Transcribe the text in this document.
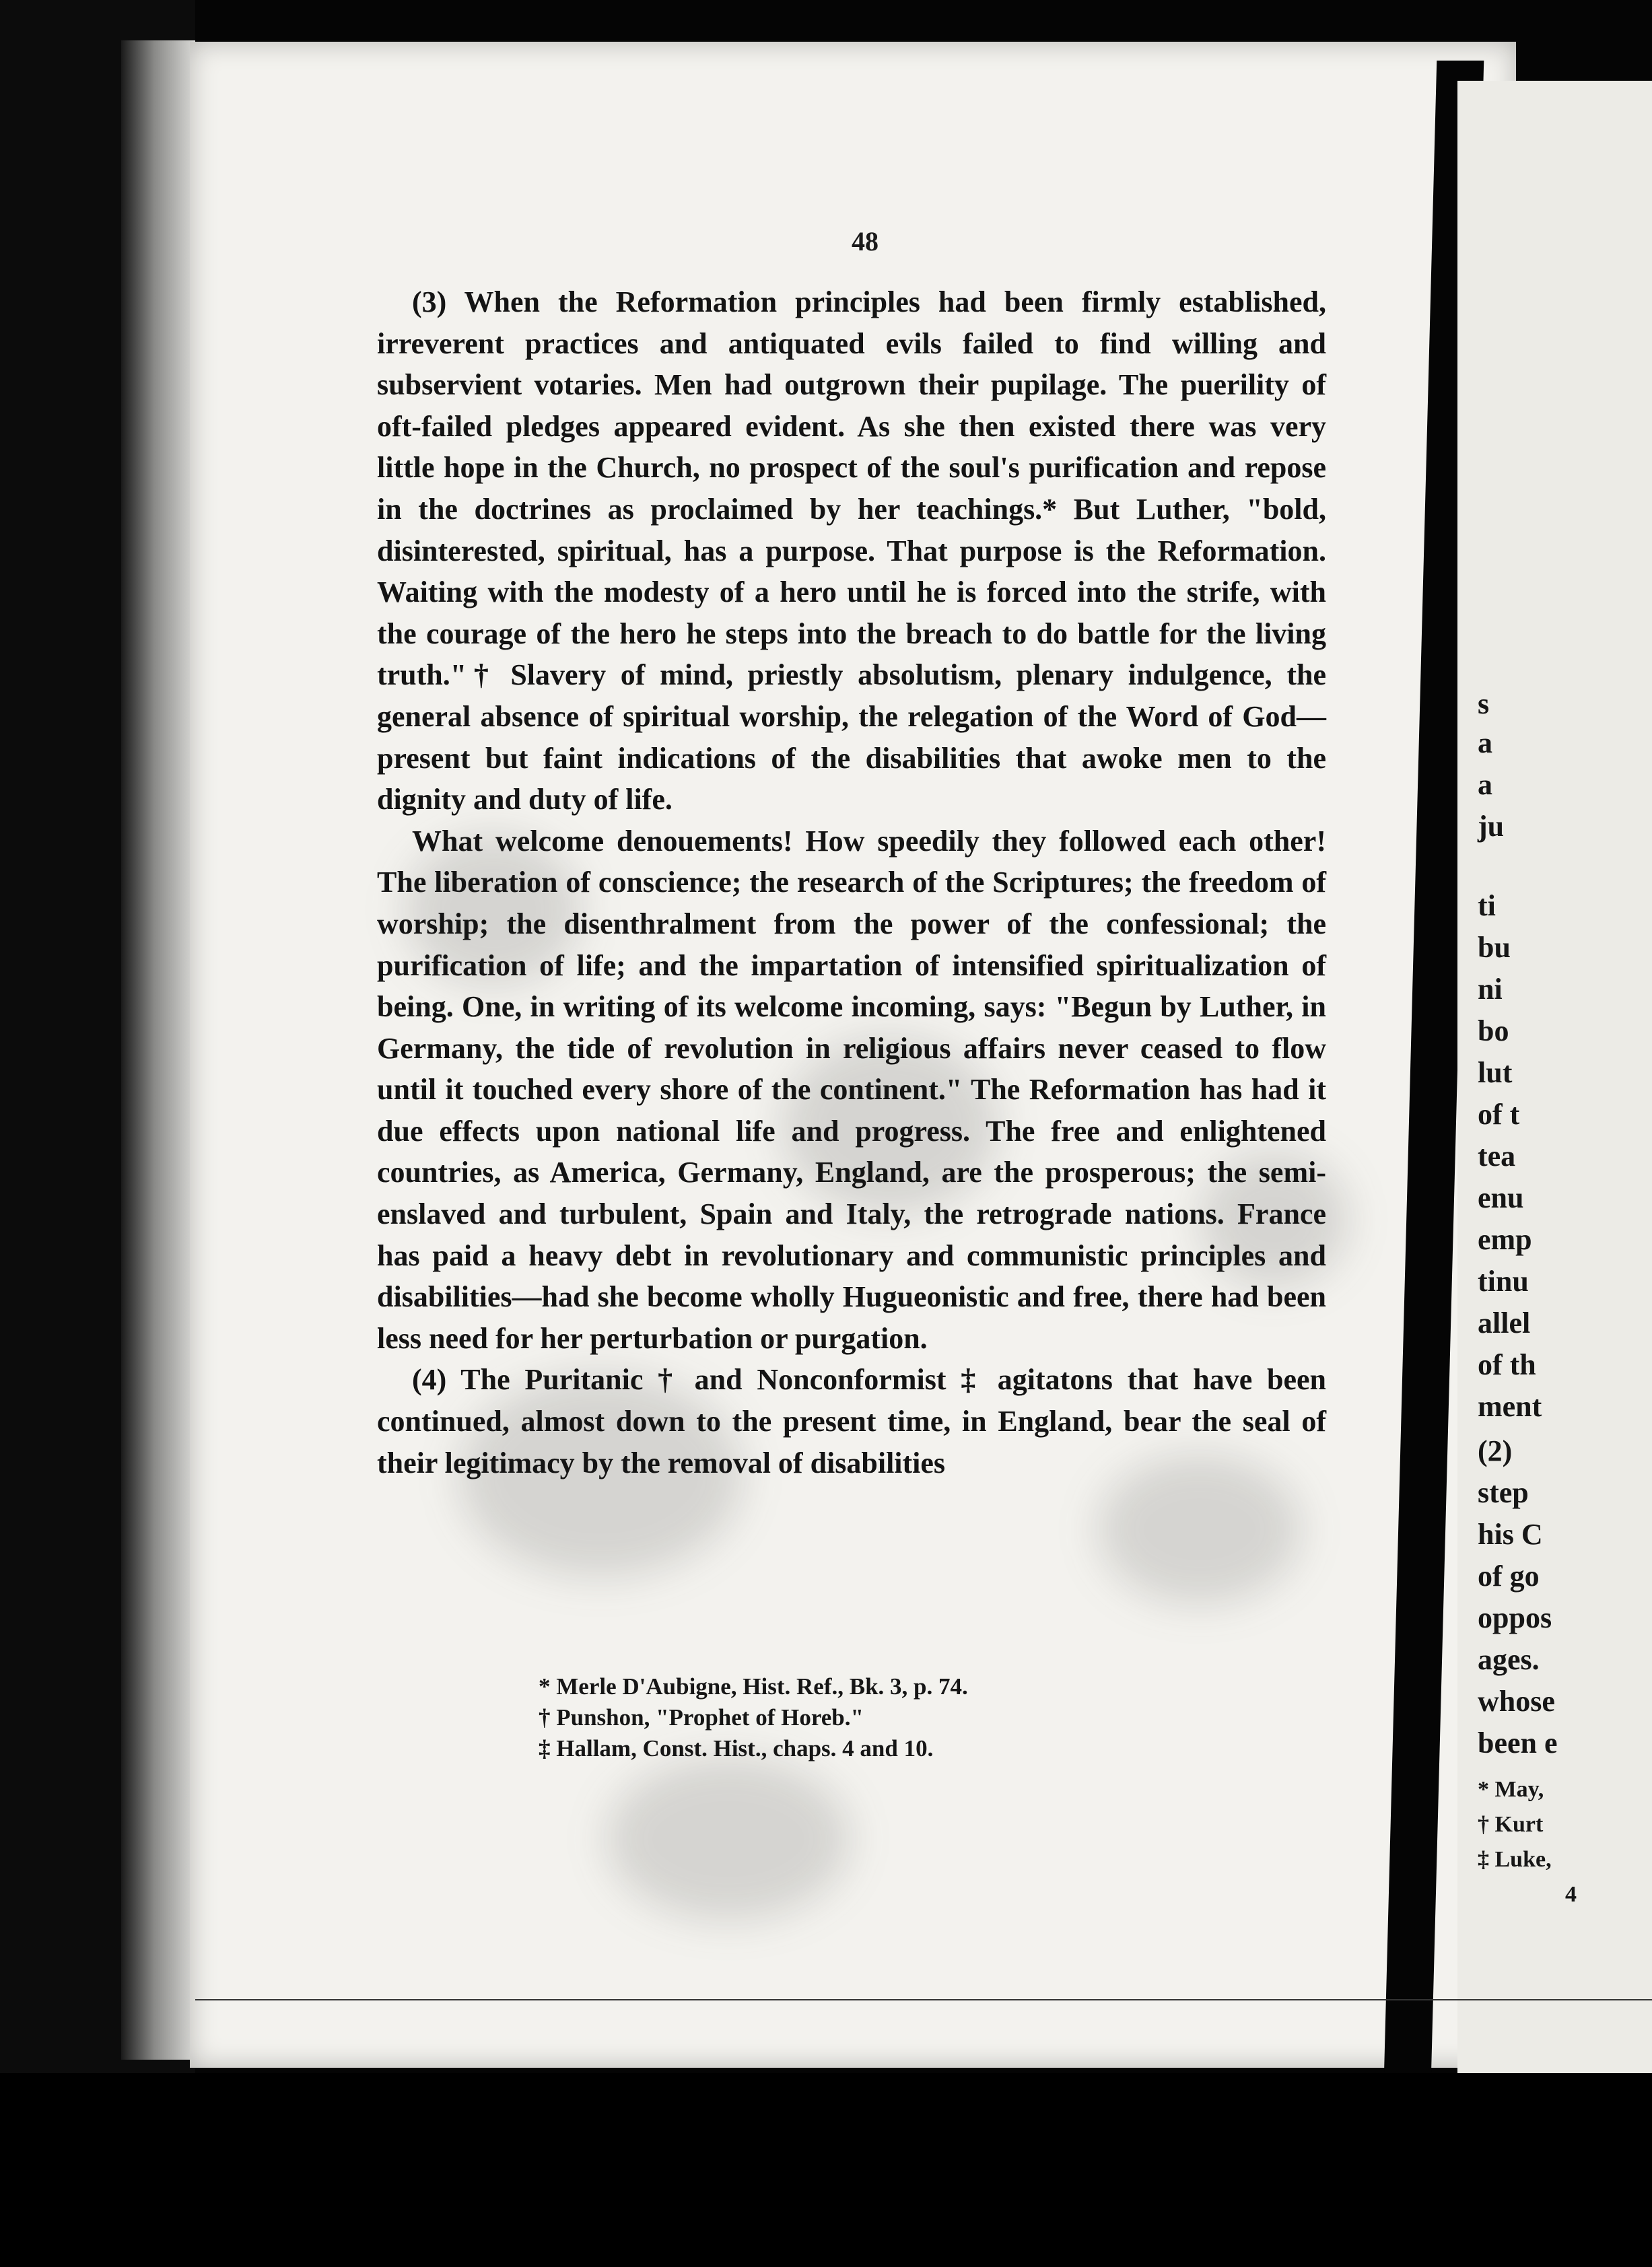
s
a
a
ju
ti
bu
ni
bo
lut
of t
tea
enu
emp
tinu
allel
of th
ment
(2)
step
his C
of go
oppos
ages.
whose
been e
* May,
† Kurt
‡ Luke,
4
48

(3) When the Reformation principles had been firmly established, irreverent practices and antiquated evils failed to find willing and subservient votaries. Men had outgrown their pupilage. The puerility of oft-failed pledges appeared evident. As she then existed there was very little hope in the Church, no prospect of the soul's purification and repose in the doctrines as proclaimed by her teachings.* But Luther, "bold, disinterested, spiritual, has a purpose. That purpose is the Reformation. Waiting with the modesty of a hero until he is forced into the strife, with the courage of the hero he steps into the breach to do battle for the living truth."† Slavery of mind, priestly absolutism, plenary indulgence, the general absence of spiritual worship, the relegation of the Word of God—present but faint indications of the disabilities that awoke men to the dignity and duty of life.

What welcome denouements! How speedily they followed each other! The liberation of conscience; the research of the Scriptures; the freedom of worship; the disenthralment from the power of the confessional; the purification of life; and the impartation of intensified spiritualization of being. One, in writing of its welcome incoming, says: "Begun by Luther, in Germany, the tide of revolution in religious affairs never ceased to flow until it touched every shore of the continent." The Reformation has had it due effects upon national life and progress. The free and enlightened countries, as America, Germany, England, are the prosperous; the semi-enslaved and turbulent, Spain and Italy, the retrograde nations. France has paid a heavy debt in revolutionary and communistic principles and disabilities—had she become wholly Hugueonistic and free, there had been less need for her perturbation or purgation.

(4) The Puritanic † and Nonconformist ‡ agitatons that have been continued, almost down to the present time, in England, bear the seal of their legitimacy by the removal of disabilities

* Merle D'Aubigne, Hist. Ref., Bk. 3, p. 74.

† Punshon, "Prophet of Horeb."

‡ Hallam, Const. Hist., chaps. 4 and 10.
